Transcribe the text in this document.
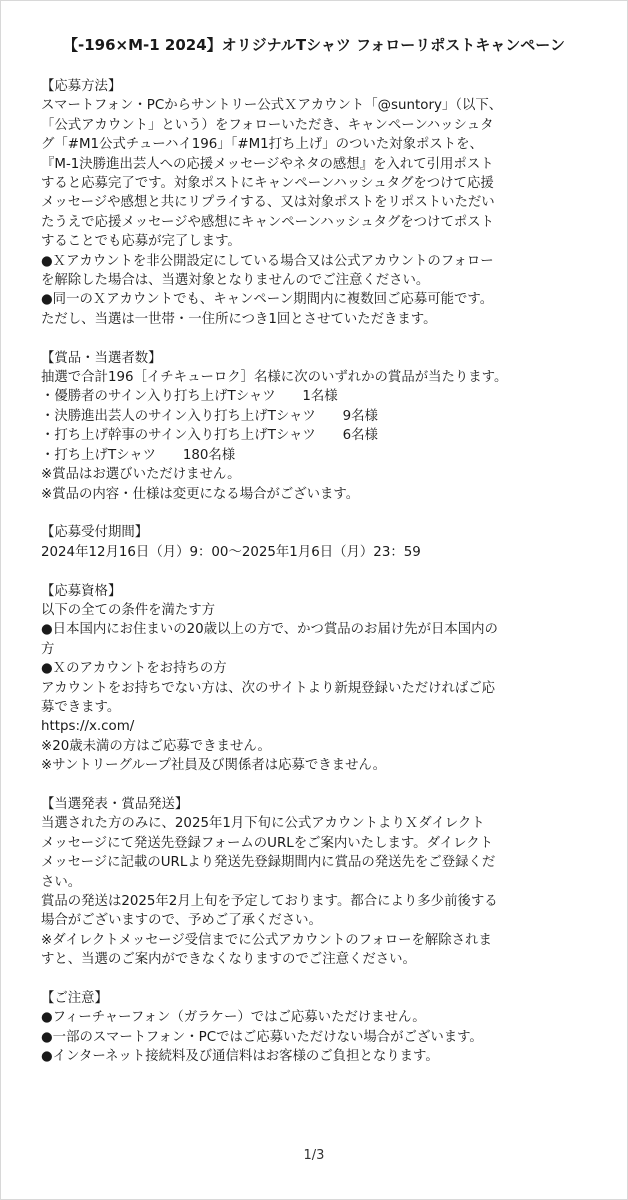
【-196×M-1 2024】オリジナルTシャツ フォローリポストキャンペーン
【応募方法】
スマートフォン・PCからサントリー公式Ｘアカウント「@suntory」（以下、
「公式アカウント」という）をフォローいただき、キャンペーンハッシュタ
グ「#M1公式チューハイ196」「#M1打ち上げ」のついた対象ポストを、
『M-1決勝進出芸人への応援メッセージやネタの感想』を入れて引用ポスト
すると応募完了です。対象ポストにキャンペーンハッシュタグをつけて応援
メッセージや感想と共にリプライする、又は対象ポストをリポストいただい
たうえで応援メッセージや感想にキャンペーンハッシュタグをつけてポスト
することでも応募が完了します。
●Ｘアカウントを非公開設定にしている場合又は公式アカウントのフォロー
を解除した場合は、当選対象となりませんのでご注意ください。
●同一のＸアカウントでも、キャンペーン期間内に複数回ご応募可能です。
ただし、当選は一世帯・一住所につき1回とさせていただきます。
【賞品・当選者数】
抽選で合計196［イチキューロク］名様に次のいずれかの賞品が当たります。
・優勝者のサイン入り打ち上げTシャツ　　1名様
・決勝進出芸人のサイン入り打ち上げTシャツ　　9名様
・打ち上げ幹事のサイン入り打ち上げTシャツ　　6名様
・打ち上げTシャツ　　180名様
※賞品はお選びいただけません。
※賞品の内容・仕様は変更になる場合がございます。
【応募受付期間】
2024年12月16日（月）9：00～2025年1月6日（月）23：59
【応募資格】
以下の全ての条件を満たす方
●日本国内にお住まいの20歳以上の方で、かつ賞品のお届け先が日本国内の
方
●Ｘのアカウントをお持ちの方
アカウントをお持ちでない方は、次のサイトより新規登録いただければご応
募できます。
https://x.com/
※20歳未満の方はご応募できません。
※サントリーグループ社員及び関係者は応募できません。
【当選発表・賞品発送】
当選された方のみに、2025年1月下旬に公式アカウントよりＸダイレクト
メッセージにて発送先登録フォームのURLをご案内いたします。ダイレクト
メッセージに記載のURLより発送先登録期間内に賞品の発送先をご登録くだ
さい。
賞品の発送は2025年2月上旬を予定しております。都合により多少前後する
場合がございますので、予めご了承ください。
※ダイレクトメッセージ受信までに公式アカウントのフォローを解除されま
すと、当選のご案内ができなくなりますのでご注意ください。
【ご注意】
●フィーチャーフォン（ガラケー）ではご応募いただけません。
●一部のスマートフォン・PCではご応募いただけない場合がございます。
●インターネット接続料及び通信料はお客様のご負担となります。
1/3
